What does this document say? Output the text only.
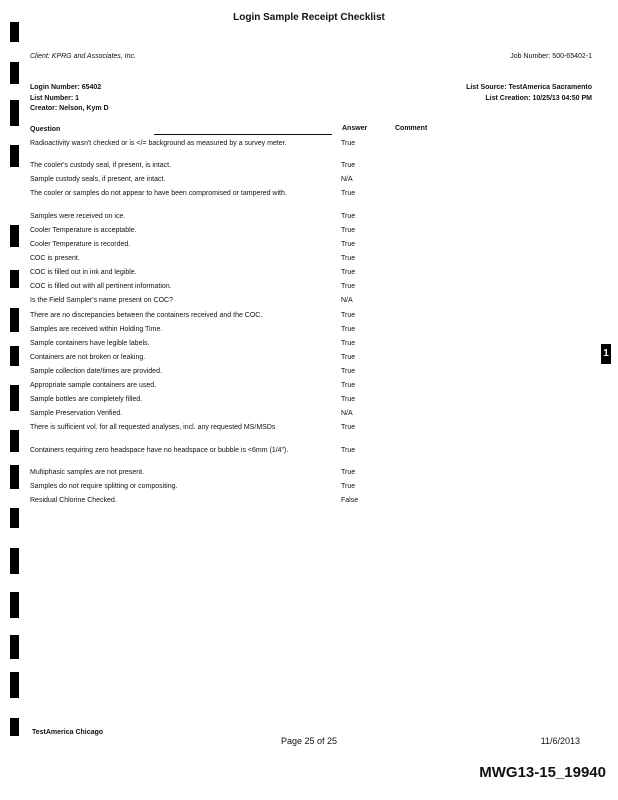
Login Sample Receipt Checklist
Client: KPRG and Associates, Inc.	Job Number: 500-65402-1
Login Number: 65402
List Number: 1
Creator: Nelson, Kym D
List Source: TestAmerica Sacramento
List Creation: 10/25/13 04:50 PM
Question	Answer	Comment
Radioactivity wasn't checked or is </= background as measured by a survey meter.	True
The cooler's custody seal, if present, is intact.	True
Sample custody seals, if present, are intact.	N/A
The cooler or samples do not appear to have been compromised or tampered with.	True
Samples were received on ice.	True
Cooler Temperature is acceptable.	True
Cooler Temperature is recorded.	True
COC is present.	True
COC is filled out in ink and legible.	True
COC is filled out with all pertinent information.	True
Is the Field Sampler's name present on COC?	N/A
There are no discrepancies between the containers received and the COC.	True
Samples are received within Holding Time.	True
Sample containers have legible labels.	True
Containers are not broken or leaking.	True
Sample collection date/times are provided.	True
Appropriate sample containers are used.	True
Sample bottles are completely filled.	True
Sample Preservation Verified.	N/A
There is sufficient vol. for all requested analyses, incl. any requested MS/MSDs	True
Containers requiring zero headspace have no headspace or bubble is <6mm (1/4").	True
Multiphasic samples are not present.	True
Samples do not require splitting or compositing.	True
Residual Chlorine Checked.	False
TestAmerica Chicago
Page 25 of 25	11/6/2013
MWG13-15_19940
1
